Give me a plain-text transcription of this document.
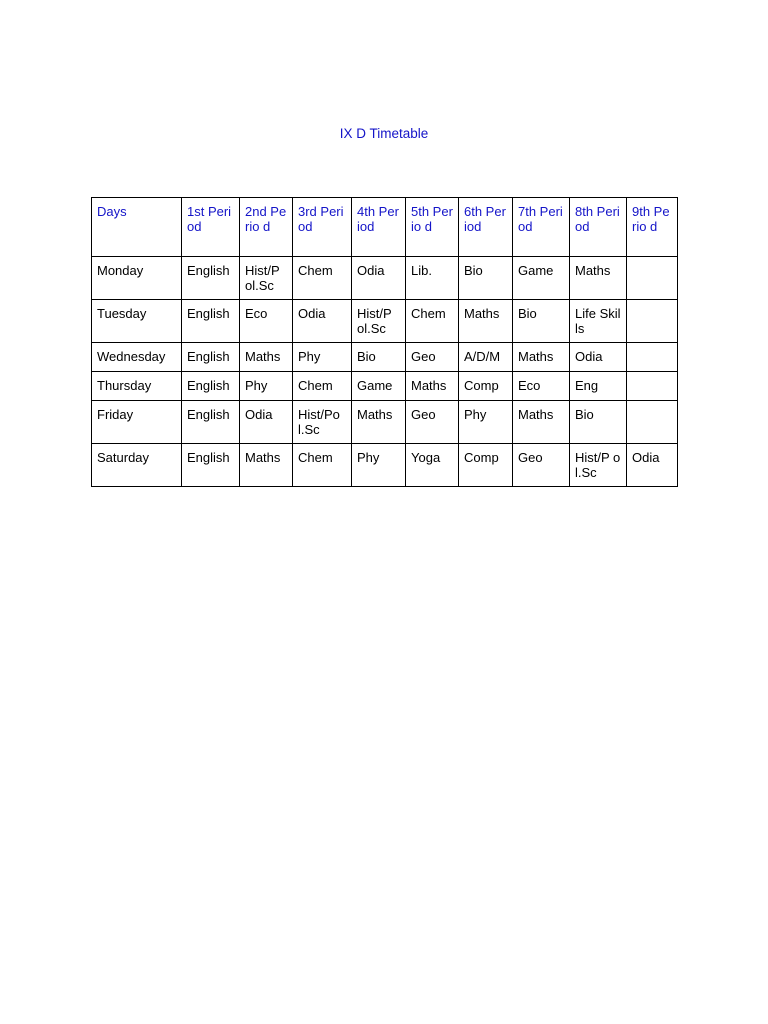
IX D Timetable
Days	1st Period	2nd Perio d	3rd Period	4th Period	5th Perio d	6th Period	7th Period	8th Period	9th Perio d
Monday	English	Hist/P ol.Sc	Chem	Odia	Lib.	Bio	Game	Maths	
Tuesday	English	Eco	Odia	Hist/P ol.Sc	Chem	Maths	Bio	Life Skills	
Wednesday	English	Maths	Phy	Bio	Geo	A/D/M	Maths	Odia	
Thursday	English	Phy	Chem	Game	Maths	Comp	Eco	Eng	
Friday	English	Odia	Hist/Po l.Sc	Maths	Geo	Phy	Maths	Bio	
Saturday	English	Maths	Chem	Phy	Yoga	Comp	Geo	Hist/P ol.Sc	Odia
